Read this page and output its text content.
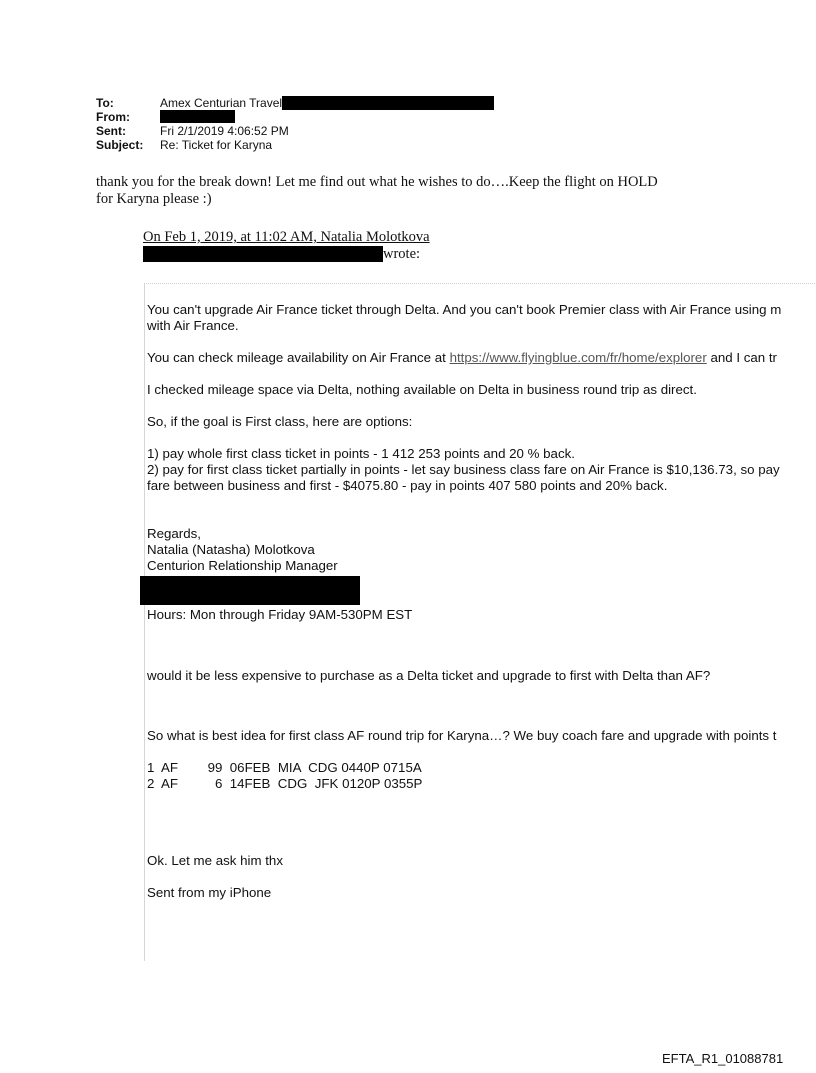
To:	Amex Centurian Travel
From:
Sent:	Fri 2/1/2019 4:06:52 PM
Subject: Re: Ticket for Karyna
thank you for the break down! Let me find out what he wishes to do….Keep the flight on HOLD
for Karyna please :)
On Feb 1, 2019, at 11:02 AM, Natalia Molotkova
wrote:
You can't upgrade Air France ticket through Delta. And you can't book Premier class with Air France using m
with Air France.
You can check mileage availability on Air France at https://www.flyingblue.com/fr/home/explorer and I can tr
I checked mileage space via Delta, nothing available on Delta in business round trip as direct.
So, if the goal is First class, here are options:
1) pay whole first class ticket in points - 1 412 253 points and 20 % back.
2) pay for first class ticket partially in points - let say business class fare on Air France is $10,136.73, so pay
fare between business and first - $4075.80 - pay in points 407 580 points and 20% back.
Regards,
Natalia (Natasha) Molotkova
Centurion Relationship Manager
Hours: Mon through Friday 9AM-530PM EST
would it be less expensive to purchase as a Delta ticket and upgrade to first with Delta than AF?
So what is best idea for first class AF round trip for Karyna…? We buy coach fare and upgrade with points t
1  AF        99  06FEB  MIA  CDG 0440P 0715A
2  AF          6  14FEB  CDG  JFK 0120P 0355P
Ok. Let me ask him thx
Sent from my iPhone
EFTA_R1_01088781
